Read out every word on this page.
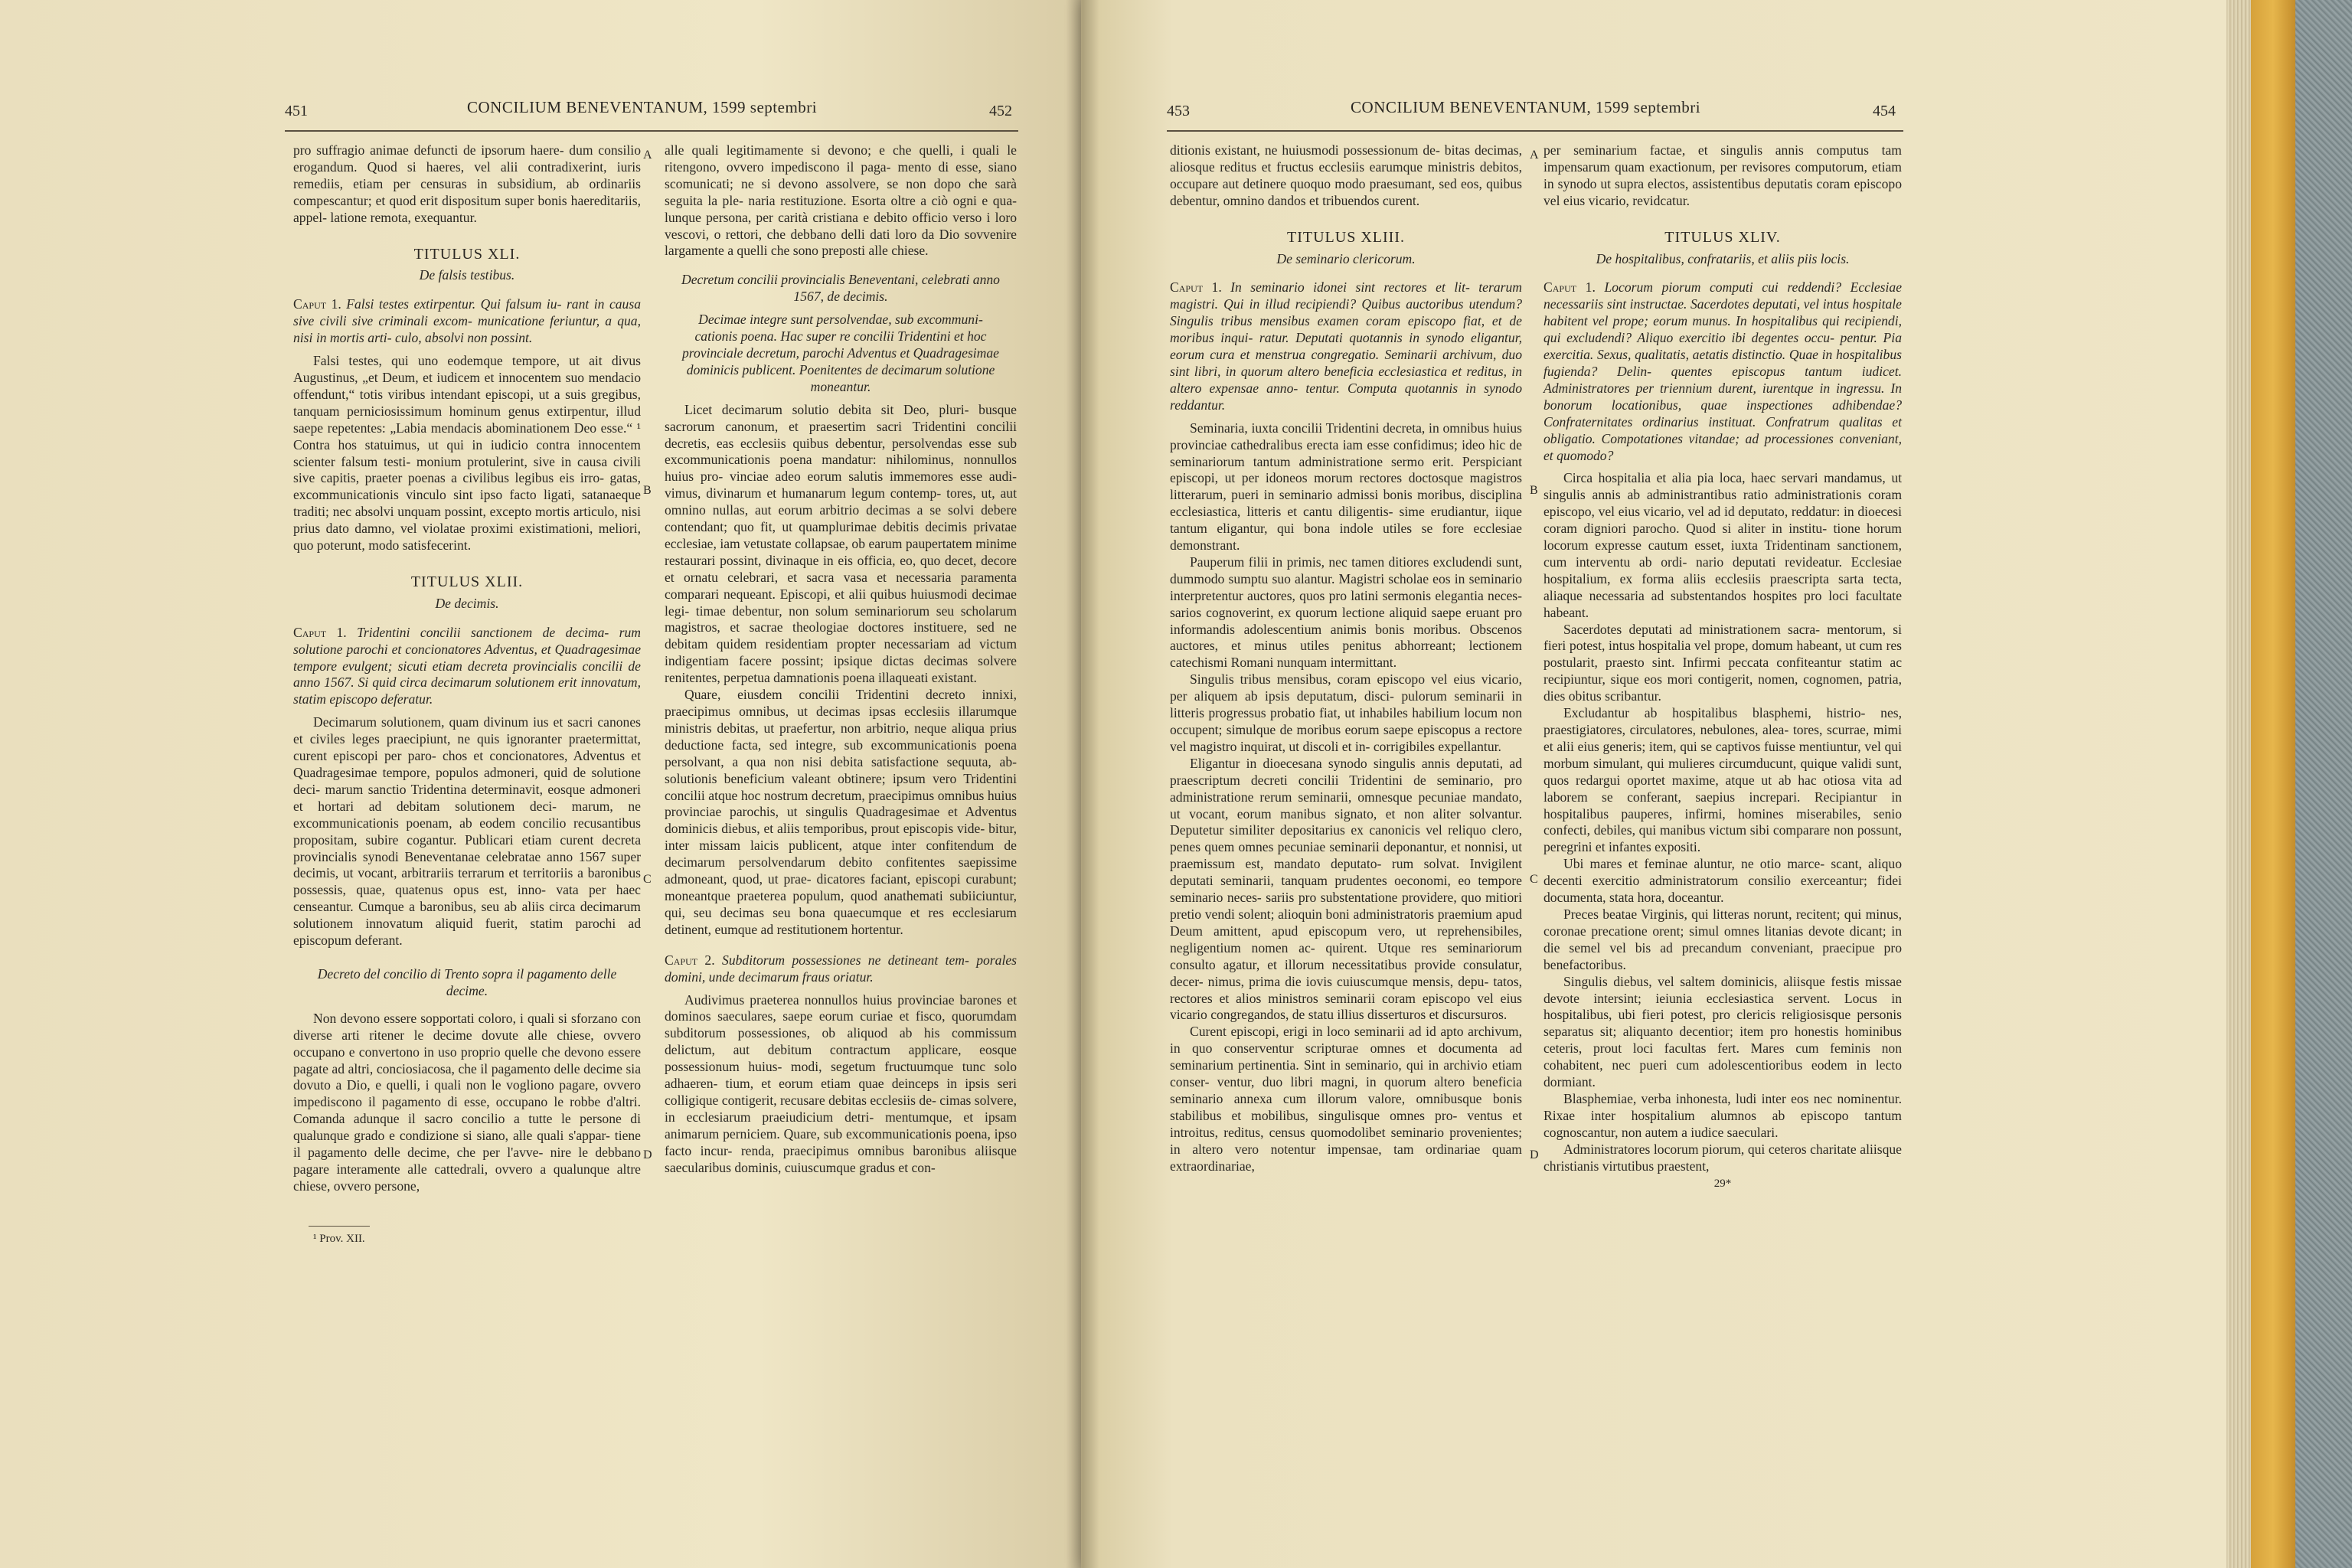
451	CONCILIUM BENEVENTANUM, 1599 septembri	452

pro suffragio animae defuncti de ipsorum haere- dum consilio erogandum. Quod si haeres, vel alii contradixerint, iuris remediis, etiam per censuras in subsidium, ab ordinariis compescantur; et quod erit dispositum super bonis haereditariis, appel- latione remota, exequantur.

TITULUS XLI.
De falsis testibus.

Caput 1. Falsi testes extirpentur. Qui falsum iu- rant in causa sive civili sive criminali excom- municatione feriuntur, a qua, nisi in mortis arti- culo, absolvi non possint.

Falsi testes, qui uno eodemque tempore, ut ait divus Augustinus, „et Deum, et iudicem et innocentem suo mendacio offendunt,“ totis viribus intendant episcopi, ut a suis gregibus, tanquam perniciosissimum hominum genus extirpentur, illud saepe repetentes: „Labia mendacis abominationem Deo esse.“ ¹ Contra hos statuimus, ut qui in iudicio contra innocentem scienter falsum testi- monium protulerint, sive in causa civili sive capitis, praeter poenas a civilibus legibus eis irro- gatas, excommunicationis vinculo sint ipso facto ligati, satanaeque traditi; nec absolvi unquam possint, excepto mortis articulo, nisi prius dato damno, vel violatae proximi existimationi, meliori, quo poterunt, modo satisfecerint.

TITULUS XLII.
De decimis.

Caput 1. Tridentini concilii sanctionem de decima- rum solutione parochi et concionatores Adventus, et Quadragesimae tempore evulgent; sicuti etiam decreta provincialis concilii de anno 1567. Si quid circa decimarum solutionem erit innovatum, statim episcopo deferatur.

Decimarum solutionem, quam divinum ius et sacri canones et civiles leges praecipiunt, ne quis ignoranter praetermittat, curent episcopi per paro- chos et concionatores, Adventus et Quadragesimae tempore, populos admoneri, quid de solutione deci- marum sanctio Tridentina determinavit, eosque admoneri et hortari ad debitam solutionem deci- marum, ne excommunicationis poenam, ab eodem concilio recusantibus propositam, subire cogantur. Publicari etiam curent decreta provincialis synodi Beneventanae celebratae anno 1567 super decimis, ut vocant, arbitrariis terrarum et territoriis a baronibus possessis, quae, quatenus opus est, inno- vata per haec censeantur. Cumque a baronibus, seu ab aliis circa decimarum solutionem innovatum aliquid fuerit, statim parochi ad episcopum deferant.

Decreto del concilio di Trento sopra il pagamento delle decime.

Non devono essere sopportati coloro, i quali si sforzano con diverse arti ritener le decime dovute alle chiese, ovvero occupano e convertono in uso proprio quelle che devono essere pagate ad altri, conciosiacosa, che il pagamento delle decime sia dovuto a Dio, e quelli, i quali non le vogliono pagare, ovvero impediscono il pagamento di esse, occupano le robbe d'altri. Comanda adunque il sacro concilio a tutte le persone di qualunque grado e condizione si siano, alle quali s'appar- tiene il pagamento delle decime, che per l'avve- nire le debbano pagare interamente alle cattedrali, ovvero a qualunque altre chiese, ovvero persone,

¹ Prov. XII.

A
B
C
D

alle quali legitimamente si devono; e che quelli, i quali le ritengono, ovvero impediscono il paga- mento di esse, siano scomunicati; ne si devono assolvere, se non dopo che sarà seguita la ple- naria restituzione. Esorta oltre a ciò ogni e qua- lunque persona, per carità cristiana e debito officio verso i loro vescovi, o rettori, che debbano delli dati loro da Dio sovvenire largamente a quelli che sono preposti alle chiese.

Decretum concilii provincialis Beneventani, celebrati anno 1567, de decimis.

Decimae integre sunt persolvendae, sub excommuni- cationis poena. Hac super re concilii Tridentini et hoc provinciale decretum, parochi Adventus et Quadragesimae dominicis publicent. Poenitentes de decimarum solutione moneantur.

Licet decimarum solutio debita sit Deo, pluri- busque sacrorum canonum, et praesertim sacri Tridentini concilii decretis, eas ecclesiis quibus debentur, persolvendas esse sub excommunicationis poena mandatur: nihilominus, nonnullos huius pro- vinciae adeo eorum salutis immemores esse audi- vimus, divinarum et humanarum legum contemp- tores, ut, aut omnino nullas, aut eorum arbitrio decimas a se solvi debere contendant; quo fit, ut quamplurimae debitis decimis privatae ecclesiae, iam vetustate collapsae, ob earum paupertatem minime restaurari possint, divinaque in eis officia, eo, quo decet, decore et ornatu celebrari, et sacra vasa et necessaria paramenta comparari nequeant. Episcopi, et alii quibus huiusmodi decimae legi- timae debentur, non solum seminariorum seu scholarum magistros, et sacrae theologiae doctores instituere, sed ne debitam quidem residentiam propter necessariam ad victum indigentiam facere possint; ipsique dictas decimas solvere renitentes, perpetua damnationis poena illaqueati existant.

Quare, eiusdem concilii Tridentini decreto innixi, praecipimus omnibus, ut decimas ipsas ecclesiis illarumque ministris debitas, ut praefertur, non arbitrio, neque aliqua prius deductione facta, sed integre, sub excommunicationis poena persolvant, a qua non nisi debita satisfactione sequuta, ab- solutionis beneficium valeant obtinere; ipsum vero Tridentini concilii atque hoc nostrum decretum, praecipimus omnibus huius provinciae parochis, ut singulis Quadragesimae et Adventus dominicis diebus, et aliis temporibus, prout episcopis vide- bitur, inter missam laicis publicent, atque inter confitendum de decimarum persolvendarum debito confitentes saepissime admoneant, quod, ut prae- dicatores faciant, episcopi curabunt; moneantque praeterea populum, quod anathemati subiiciuntur, qui, seu decimas seu bona quaecumque et res ecclesiarum detinent, eumque ad restitutionem hortentur.

Caput 2. Subditorum possessiones ne detineant tem- porales domini, unde decimarum fraus oriatur.

Audivimus praeterea nonnullos huius provinciae barones et dominos saeculares, saepe eorum curiae et fisco, quorumdam subditorum possessiones, ob aliquod ab his commissum delictum, aut debitum contractum applicare, eosque possessionum huius- modi, segetum fructuumque tunc solo adhaeren- tium, et eorum etiam quae deinceps in ipsis seri colligique contigerit, recusare debitas ecclesiis de- cimas solvere, in ecclesiarum praeiudicium detri- mentumque, et ipsam animarum perniciem. Quare, sub excommunicationis poena, ipso facto incur- renda, praecipimus omnibus baronibus aliisque saecularibus dominis, cuiuscumque gradus et con-

453	CONCILIUM BENEVENTANUM, 1599 septembri	454

ditionis existant, ne huiusmodi possessionum de- bitas decimas, aliosque reditus et fructus ecclesiis earumque ministris debitos, occupare aut detinere quoquo modo praesumant, sed eos, quibus debentur, omnino dandos et tribuendos curent.

TITULUS XLIII.
De seminario clericorum.

Caput 1. In seminario idonei sint rectores et lit- terarum magistri. Qui in illud recipiendi? Quibus auctoribus utendum? Singulis tribus mensibus examen coram episcopo fiat, et de moribus inqui- ratur. Deputati quotannis in synodo eligantur, eorum cura et menstrua congregatio. Seminarii archivum, duo sint libri, in quorum altero beneficia ecclesiastica et reditus, in altero expensae anno- tentur. Computa quotannis in synodo reddantur.

Seminaria, iuxta concilii Tridentini decreta, in omnibus huius provinciae cathedralibus erecta iam esse confidimus; ideo hic de seminariorum tantum administratione sermo erit. Perspiciant episcopi, ut per idoneos morum rectores doctosque magistros litterarum, pueri in seminario admissi bonis moribus, disciplina ecclesiastica, litteris et cantu diligentis- sime erudiantur, iique tantum eligantur, qui bona indole utiles se fore ecclesiae demonstrant.

Pauperum filii in primis, nec tamen ditiores excludendi sunt, dummodo sumptu suo alantur. Magistri scholae eos in seminario interpretentur auctores, quos pro latini sermonis elegantia neces- sarios cognoverint, ex quorum lectione aliquid saepe eruant pro informandis adolescentium animis bonis moribus. Obscenos auctores, et minus utiles penitus abhorreant; lectionem catechismi Romani nunquam intermittant.

Singulis tribus mensibus, coram episcopo vel eius vicario, per aliquem ab ipsis deputatum, disci- pulorum seminarii in litteris progressus probatio fiat, ut inhabiles habilium locum non occupent; simulque de moribus eorum saepe episcopus a rectore vel magistro inquirat, ut discoli et in- corrigibiles expellantur.

Eligantur in dioecesana synodo singulis annis deputati, ad praescriptum decreti concilii Tridentini de seminario, pro administratione rerum seminarii, omnesque pecuniae mandato, ut vocant, eorum manibus signato, et non aliter solvantur. Deputetur similiter depositarius ex canonicis vel reliquo clero, penes quem omnes pecuniae seminarii deponantur, et nonnisi, ut praemissum est, mandato deputato- rum solvat. Invigilent deputati seminarii, tanquam prudentes oeconomi, eo tempore seminario neces- sariis pro substentatione providere, quo mitiori pretio vendi solent; alioquin boni administratoris praemium apud Deum amittent, apud episcopum vero, ut reprehensibiles, negligentium nomen ac- quirent. Utque res seminariorum consulto agatur, et illorum necessitatibus provide consulatur, decer- nimus, prima die iovis cuiuscumque mensis, depu- tatos, rectores et alios ministros seminarii coram episcopo vel eius vicario congregandos, de statu illius disserturos et discursuros.

Curent episcopi, erigi in loco seminarii ad id apto archivum, in quo conserventur scripturae omnes et documenta ad seminarium pertinentia. Sint in seminario, qui in archivio etiam conser- ventur, duo libri magni, in quorum altero beneficia seminario annexa cum illorum valore, omnibusque bonis stabilibus et mobilibus, singulisque omnes pro- ventus et introitus, reditus, census quomodolibet seminario provenientes; in altero vero notentur impensae, tam ordinariae quam extraordinariae,

A
B
C
D

per seminarium factae, et singulis annis computus tam impensarum quam exactionum, per revisores computorum, etiam in synodo ut supra electos, assistentibus deputatis coram episcopo vel eius vicario, revidcatur.

TITULUS XLIV.
De hospitalibus, confratariis, et aliis piis locis.

Caput 1. Locorum piorum computi cui reddendi? Ecclesiae necessariis sint instructae. Sacerdotes deputati, vel intus hospitale habitent vel prope; eorum munus. In hospitalibus qui recipiendi, qui excludendi? Aliquo exercitio ibi degentes occu- pentur. Pia exercitia. Sexus, qualitatis, aetatis distinctio. Quae in hospitalibus fugienda? Delin- quentes episcopus tantum iudicet. Administratores per triennium durent, iurentque in ingressu. In bonorum locationibus, quae inspectiones adhibendae? Confraternitates ordinarius instituat. Confratrum qualitas et obligatio. Compotationes vitandae; ad processiones conveniant, et quomodo?

Circa hospitalia et alia pia loca, haec servari mandamus, ut singulis annis ab administrantibus ratio administrationis coram episcopo, vel eius vicario, vel ad id deputato, reddatur: in dioecesi coram digniori parocho. Quod si aliter in institu- tione horum locorum expresse cautum esset, iuxta Tridentinam sanctionem, cum interventu ab ordi- nario deputati revideatur. Ecclesiae hospitalium, ex forma aliis ecclesiis praescripta sarta tecta, aliaque necessaria ad substentandos hospites pro loci facultate habeant.

Sacerdotes deputati ad ministrationem sacra- mentorum, si fieri potest, intus hospitalia vel prope, domum habeant, ut cum res postularit, praesto sint. Infirmi peccata confiteantur statim ac recipiuntur, sique eos mori contigerit, nomen, cognomen, patria, dies obitus scribantur.

Excludantur ab hospitalibus blasphemi, histrio- nes, praestigiatores, circulatores, nebulones, alea- tores, scurrae, mimi et alii eius generis; item, qui se captivos fuisse mentiuntur, vel qui morbum simulant, qui mulieres circumducunt, quique validi sunt, quos redargui oportet maxime, atque ut ab hac otiosa vita ad laborem se conferant, saepius increpari. Recipiantur in hospitalibus pauperes, infirmi, homines miserabiles, senio confecti, debiles, qui manibus victum sibi comparare non possunt, peregrini et infantes expositi.

Ubi mares et feminae aluntur, ne otio marce- scant, aliquo decenti exercitio administratorum consilio exerceantur; fidei documenta, stata hora, doceantur.

Preces beatae Virginis, qui litteras norunt, recitent; qui minus, coronae precatione orent; simul omnes litanias devote dicant; in die semel vel bis ad precandum conveniant, praecipue pro benefactoribus.

Singulis diebus, vel saltem dominicis, aliisque festis missae devote intersint; ieiunia ecclesiastica servent. Locus in hospitalibus, ubi fieri potest, pro clericis religiosisque personis separatus sit; aliquanto decentior; item pro honestis hominibus ceteris, prout loci facultas fert. Mares cum feminis non cohabitent, nec pueri cum adolescentioribus eodem in lecto dormiant.

Blasphemiae, verba inhonesta, ludi inter eos nec nominentur. Rixae inter hospitalium alumnos ab episcopo tantum cognoscantur, non autem a iudice saeculari.

Administratores locorum piorum, qui ceteros charitate aliisque christianis virtutibus praestent,

29*
